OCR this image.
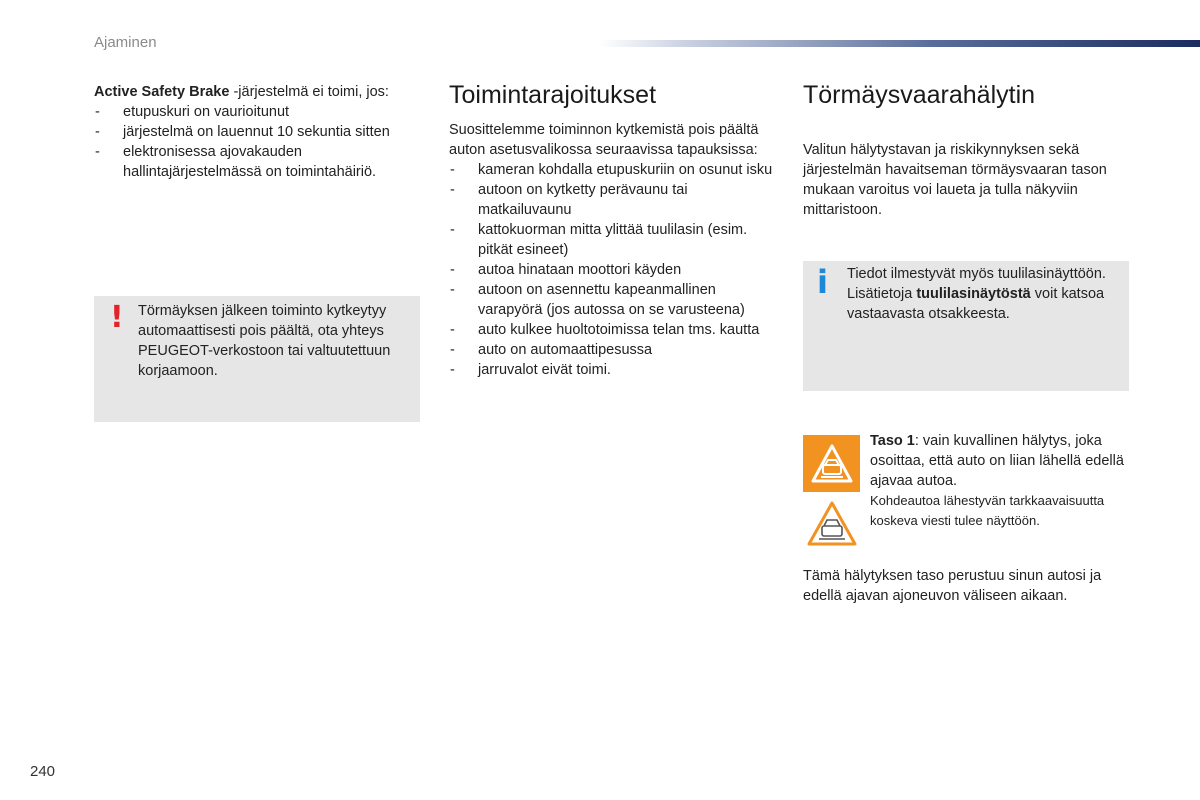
Ajaminen

Active Safety Brake -järjestelmä ei toimi, jos:

- etupuskuri on vaurioitunut
- järjestelmä on lauennut 10 sekuntia sitten
- elektronisessa ajovakauden hallintajärjestelmässä on toimintahäiriö.
! Törmäyksen jälkeen toiminto kytkeytyy automaattisesti pois päältä, ota yhteys PEUGEOT-verkostoon tai valtuutettuun korjaamoon.
Toimintarajoitukset

Suosittelemme toiminnon kytkemistä pois päältä auton asetusvalikossa seuraavissa tapauksissa:

- kameran kohdalla etupuskuriin on osunut isku
- autoon on kytketty perävaunu tai matkailuvaunu
- kattokuorman mitta ylittää tuulilasin (esim. pitkät esineet)
- autoa hinataan moottori käyden
- autoon on asennettu kapeanmallinen varapyörä (jos autossa on se varusteena)
- auto kulkee huoltotoimissa telan tms. kautta
- auto on automaattipesussa
- jarruvalot eivät toimi.
Törmäysvaarahälytin

Valitun hälytystavan ja riskikynnyksen sekä järjestelmän havaitseman törmäysvaaran tason mukaan varoitus voi laueta ja tulla näkyviin mittaristoon.

i Tiedot ilmestyvät myös tuulilasinäyttöön. Lisätietoja tuulilasinäytöstä voit katsoa vastaavasta otsakkeesta.

Taso 1: vain kuvallinen hälytys, joka osoittaa, että auto on liian lähellä edellä ajavaa autoa.

Kohdeautoa lähestyvän tarkkaavaisuutta koskeva viesti tulee näyttöön.

Tämä hälytyksen taso perustuu sinun autosi ja edellä ajavan ajoneuvon väliseen aikaan.

240
